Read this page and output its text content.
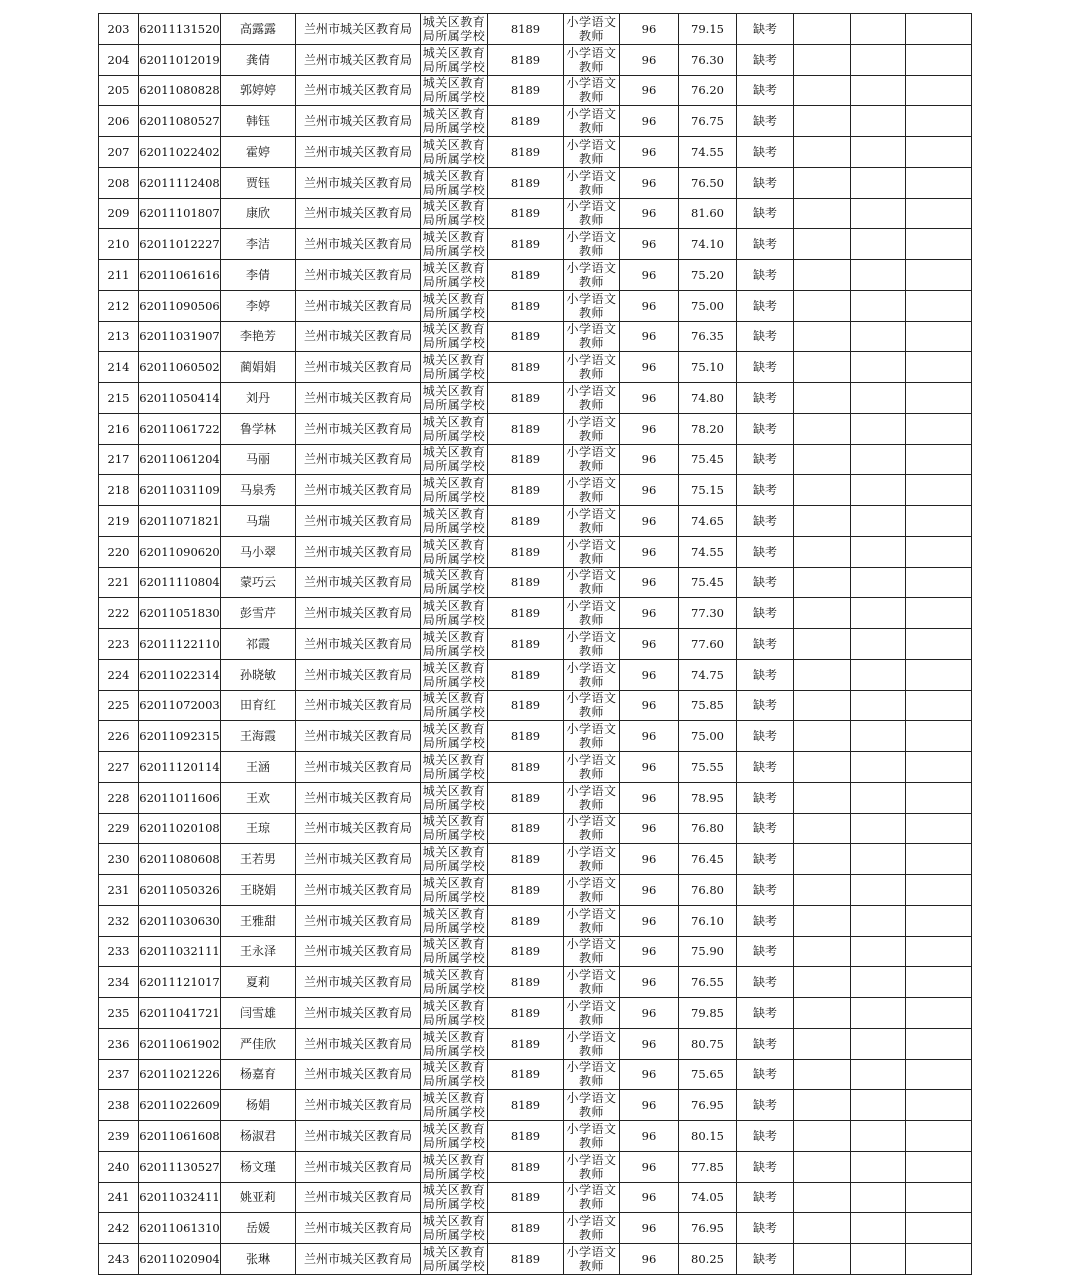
203	62011131520	高露露	兰州市城关区教育局	城关区教育局所属学校	8189	小学语文教师	96	79.15	缺考			
204	62011012019	龚倩	兰州市城关区教育局	城关区教育局所属学校	8189	小学语文教师	96	76.30	缺考			
205	62011080828	郭婷婷	兰州市城关区教育局	城关区教育局所属学校	8189	小学语文教师	96	76.20	缺考			
206	62011080527	韩钰	兰州市城关区教育局	城关区教育局所属学校	8189	小学语文教师	96	76.75	缺考			
207	62011022402	霍婷	兰州市城关区教育局	城关区教育局所属学校	8189	小学语文教师	96	74.55	缺考			
208	62011112408	贾钰	兰州市城关区教育局	城关区教育局所属学校	8189	小学语文教师	96	76.50	缺考			
209	62011101807	康欣	兰州市城关区教育局	城关区教育局所属学校	8189	小学语文教师	96	81.60	缺考			
210	62011012227	李洁	兰州市城关区教育局	城关区教育局所属学校	8189	小学语文教师	96	74.10	缺考			
211	62011061616	李倩	兰州市城关区教育局	城关区教育局所属学校	8189	小学语文教师	96	75.20	缺考			
212	62011090506	李婷	兰州市城关区教育局	城关区教育局所属学校	8189	小学语文教师	96	75.00	缺考			
213	62011031907	李艳芳	兰州市城关区教育局	城关区教育局所属学校	8189	小学语文教师	96	76.35	缺考			
214	62011060502	蔺娟娟	兰州市城关区教育局	城关区教育局所属学校	8189	小学语文教师	96	75.10	缺考			
215	62011050414	刘丹	兰州市城关区教育局	城关区教育局所属学校	8189	小学语文教师	96	74.80	缺考			
216	62011061722	鲁学林	兰州市城关区教育局	城关区教育局所属学校	8189	小学语文教师	96	78.20	缺考			
217	62011061204	马丽	兰州市城关区教育局	城关区教育局所属学校	8189	小学语文教师	96	75.45	缺考			
218	62011031109	马泉秀	兰州市城关区教育局	城关区教育局所属学校	8189	小学语文教师	96	75.15	缺考			
219	62011071821	马瑞	兰州市城关区教育局	城关区教育局所属学校	8189	小学语文教师	96	74.65	缺考			
220	62011090620	马小翠	兰州市城关区教育局	城关区教育局所属学校	8189	小学语文教师	96	74.55	缺考			
221	62011110804	蒙巧云	兰州市城关区教育局	城关区教育局所属学校	8189	小学语文教师	96	75.45	缺考			
222	62011051830	彭雪芹	兰州市城关区教育局	城关区教育局所属学校	8189	小学语文教师	96	77.30	缺考			
223	62011122110	祁霞	兰州市城关区教育局	城关区教育局所属学校	8189	小学语文教师	96	77.60	缺考			
224	62011022314	孙晓敏	兰州市城关区教育局	城关区教育局所属学校	8189	小学语文教师	96	74.75	缺考			
225	62011072003	田育红	兰州市城关区教育局	城关区教育局所属学校	8189	小学语文教师	96	75.85	缺考			
226	62011092315	王海霞	兰州市城关区教育局	城关区教育局所属学校	8189	小学语文教师	96	75.00	缺考			
227	62011120114	王涵	兰州市城关区教育局	城关区教育局所属学校	8189	小学语文教师	96	75.55	缺考			
228	62011011606	王欢	兰州市城关区教育局	城关区教育局所属学校	8189	小学语文教师	96	78.95	缺考			
229	62011020108	王琼	兰州市城关区教育局	城关区教育局所属学校	8189	小学语文教师	96	76.80	缺考			
230	62011080608	王若男	兰州市城关区教育局	城关区教育局所属学校	8189	小学语文教师	96	76.45	缺考			
231	62011050326	王晓娟	兰州市城关区教育局	城关区教育局所属学校	8189	小学语文教师	96	76.80	缺考			
232	62011030630	王雅甜	兰州市城关区教育局	城关区教育局所属学校	8189	小学语文教师	96	76.10	缺考			
233	62011032111	王永泽	兰州市城关区教育局	城关区教育局所属学校	8189	小学语文教师	96	75.90	缺考			
234	62011121017	夏莉	兰州市城关区教育局	城关区教育局所属学校	8189	小学语文教师	96	76.55	缺考			
235	62011041721	闫雪雄	兰州市城关区教育局	城关区教育局所属学校	8189	小学语文教师	96	79.85	缺考			
236	62011061902	严佳欣	兰州市城关区教育局	城关区教育局所属学校	8189	小学语文教师	96	80.75	缺考			
237	62011021226	杨嘉育	兰州市城关区教育局	城关区教育局所属学校	8189	小学语文教师	96	75.65	缺考			
238	62011022609	杨娟	兰州市城关区教育局	城关区教育局所属学校	8189	小学语文教师	96	76.95	缺考			
239	62011061608	杨淑君	兰州市城关区教育局	城关区教育局所属学校	8189	小学语文教师	96	80.15	缺考			
240	62011130527	杨文瑾	兰州市城关区教育局	城关区教育局所属学校	8189	小学语文教师	96	77.85	缺考			
241	62011032411	姚亚莉	兰州市城关区教育局	城关区教育局所属学校	8189	小学语文教师	96	74.05	缺考			
242	62011061310	岳媛	兰州市城关区教育局	城关区教育局所属学校	8189	小学语文教师	96	76.95	缺考			
243	62011020904	张琳	兰州市城关区教育局	城关区教育局所属学校	8189	小学语文教师	96	80.25	缺考			
